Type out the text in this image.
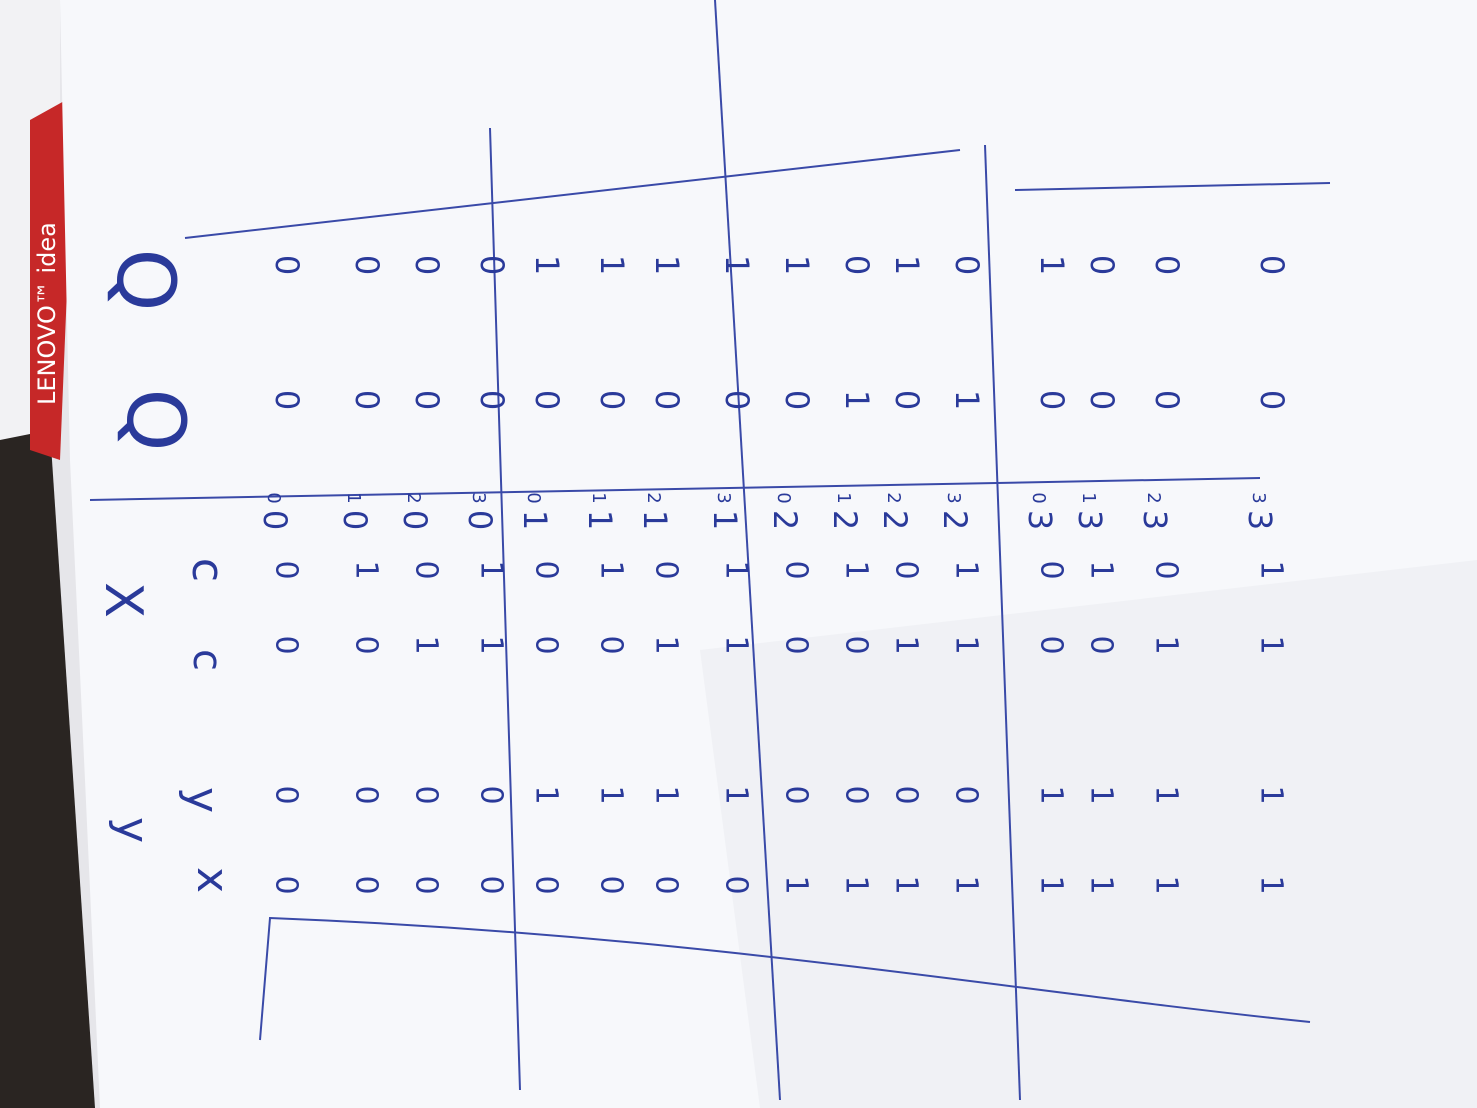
LENOVO™ idea
x
y
c
c
y
X
Q
Q
0
0
0
0
0
0
0
0
0
0
0
1
0
1
0
0
0
0
1
0
0
2
0
0
0
0
1
1
0
3
0
0
0
1
0
0
1
0
0
1
0
1
0
1
1
1
0
1
0
1
1
0
1
2
0
1
0
1
1
1
1
3
0
1
1
0
0
0
2
0
0
1
1
0
0
1
2
1
1
0
1
0
1
0
2
2
0
1
1
0
1
1
2
3
1
0
1
1
0
0
3
0
0
1
1
1
0
1
3
1
0
0
1
1
1
0
3
2
0
0
1
1
1
1
3
3
0
0
